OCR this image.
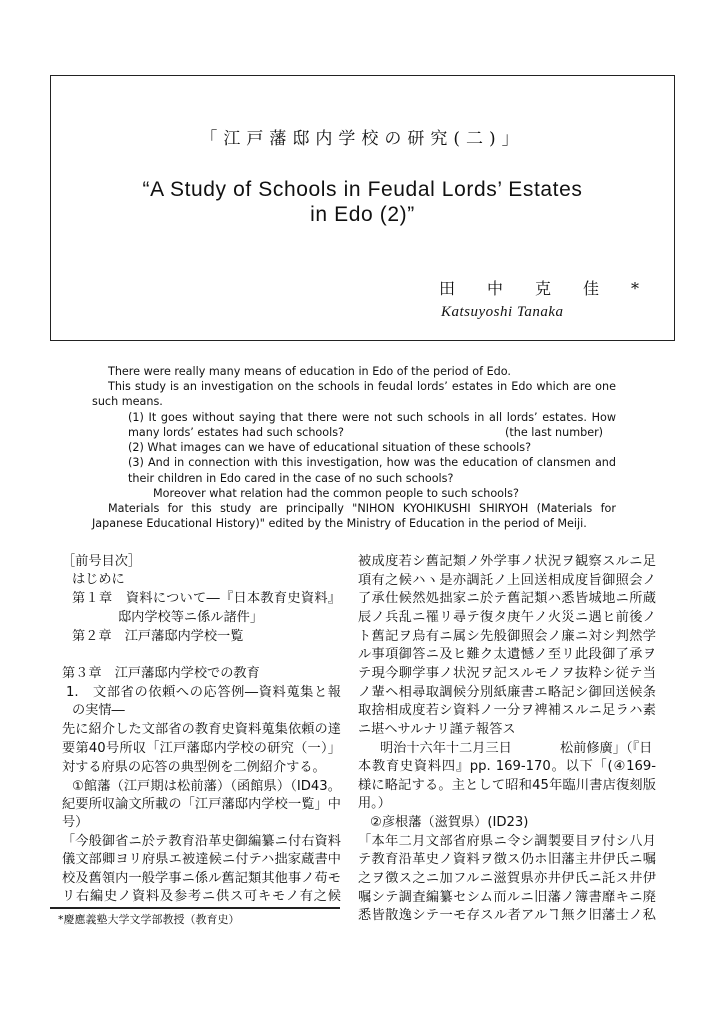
「江戸藩邸内学校の研究(二)」
“A Study of Schools in Feudal Lords’ Estates
in Edo (2)”
田中克佳*
Katsuyoshi Tanaka
There were really many means of education in Edo of the period of Edo.
This study is an investigation on the schools in feudal lords’ estates in Edo which are one
such means.
(1) It goes without saying that there were not such schools in all lords’ estates. How
many lords’ estates had such schools?
(2) What images can we have of educational situation of these schools?
(3) And in connection with this investigation, how was the education of clansmen and
their children in Edo cared in the case of no such schools?
Moreover what relation had the common people to such schools?
Materials for this study are principally "NIHON KYOHIKUSHI SHIRYOH (Materials for
Japanese Educational History)" edited by the Ministry of Education in the period of Meiji.
(the last number)
［前号目次］
はじめに
第１章　資料について―『日本教育史資料』
邸内学校等ニ係ル諸件」
第２章　江戸藩邸内学校一覧
第３章　江戸藩邸内学校での教育
1.　文部省の依頼への応答例―資料蒐集と報
の実情―
先に紹介した文部省の教育史資料蒐集依頼の達
要第40号所収「江戸藩邸内学校の研究（一）」
対する府県の応答の典型例を二例紹介する。
①館藩（江戸期は松前藩）（函館県）（ID43。
紀要所収論文所載の「江戸藩邸内学校一覧」中
号）
「今般御省ニ於テ教育沿革史御編纂ニ付右資料
儀文部卿ヨリ府県エ被達候ニ付テハ拙家蔵書中
校及舊領内一般学事ニ係ル舊記類其他事ノ苟モ
リ右編史ノ資料及参考ニ供ス可キモノ有之候
被成度若シ舊記類ノ外学事ノ状況ヲ観察スルニ足
項有之候ハヽ是亦調託ノ上回送相成度旨御照会ノ
了承仕候然処拙家ニ於テ舊記類ハ悉皆城地ニ所蔵
辰ノ兵乱ニ罹リ尋テ復タ庚午ノ火災ニ遇ヒ前後ノ
ト舊記ヲ烏有ニ属シ先般御照会ノ廉ニ対シ判然学
ル事項御答ニ及ヒ難ク太遺憾ノ至リ此段御了承ヲ
テ現今聊学事ノ状況ヲ記スルモノヲ抜粋シ従テ当
ノ輩ヘ相尋取調候分別紙廉書エ略記シ御回送候条
取捨相成度若シ資料ノ一分ヲ裨補スルニ足ラハ素
ニ堪ヘサルナリ謹テ報答ス
明治十六年十二月三日	松前修廣」（『日
本教育史資料四』pp. 169-170。以下「(④169-
様に略記する。主として昭和45年臨川書店復刻版
用。）
②彦根藩（滋賀県）(ID23)
「本年二月文部省府県ニ令シ調製要目ヲ付シ八月
テ教育沿革史ノ資料ヲ徴ス仍ホ旧藩主井伊氏ニ嘱
之ヲ徴ス之ニ加フルニ滋賀県亦井伊氏ニ託ス井伊
嘱シテ調査編纂セシム而ルニ旧藩ノ簿書靡キニ廃
悉皆散逸シテ一モ存スル者アルヿ無ク旧藩士ノ私
*慶應義塾大学文学部教授（教育史）
